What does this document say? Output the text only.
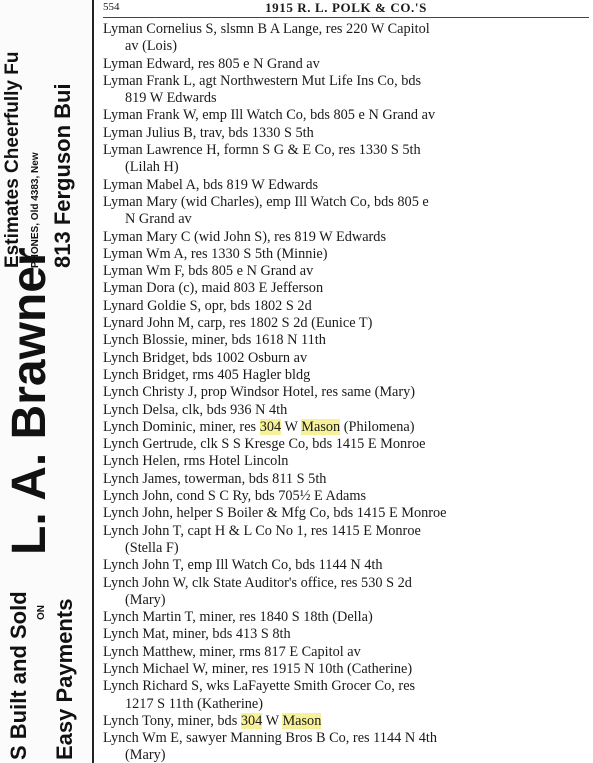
S Built and Sold ON Easy Payments
L. A. Brawner
Estimates Cheerfully Fu PHONES, Old 4383, New 813 Ferguson Bui
554	1915 R. L. POLK & CO.'S
Lyman Cornelius S, slsmn B A Lange, res 220 W Capitol
av (Lois)
Lyman Edward, res 805 e N Grand av
Lyman Frank L, agt Northwestern Mut Life Ins Co, bds
819 W Edwards
Lyman Frank W, emp Ill Watch Co, bds 805 e N Grand av
Lyman Julius B, trav, bds 1330 S 5th
Lyman Lawrence H, formn S G & E Co, res 1330 S 5th
(Lilah H)
Lyman Mabel A, bds 819 W Edwards
Lyman Mary (wid Charles), emp Ill Watch Co, bds 805 e
N Grand av
Lyman Mary C (wid John S), res 819 W Edwards
Lyman Wm A, res 1330 S 5th (Minnie)
Lyman Wm F, bds 805 e N Grand av
Lyman Dora (c), maid 803 E Jefferson
Lynard Goldie S, opr, bds 1802 S 2d
Lynard John M, carp, res 1802 S 2d (Eunice T)
Lynch Blossie, miner, bds 1618 N 11th
Lynch Bridget, bds 1002 Osburn av
Lynch Bridget, rms 405 Hagler bldg
Lynch Christy J, prop Windsor Hotel, res same (Mary)
Lynch Delsa, clk, bds 936 N 4th
Lynch Dominic, miner, res 304 W Mason (Philomena)
Lynch Gertrude, clk S S Kresge Co, bds 1415 E Monroe
Lynch Helen, rms Hotel Lincoln
Lynch James, towerman, bds 811 S 5th
Lynch John, cond S C Ry, bds 705½ E Adams
Lynch John, helper S Boiler & Mfg Co, bds 1415 E Monroe
Lynch John T, capt H & L Co No 1, res 1415 E Monroe
(Stella F)
Lynch John T, emp Ill Watch Co, bds 1144 N 4th
Lynch John W, clk State Auditor's office, res 530 S 2d
(Mary)
Lynch Martin T, miner, res 1840 S 18th (Della)
Lynch Mat, miner, bds 413 S 8th
Lynch Matthew, miner, rms 817 E Capitol av
Lynch Michael W, miner, res 1915 N 10th (Catherine)
Lynch Richard S, wks LaFayette Smith Grocer Co, res
1217 S 11th (Katherine)
Lynch Tony, miner, bds 304 W Mason
Lynch Wm E, sawyer Manning Bros B Co, res 1144 N 4th
(Mary)
